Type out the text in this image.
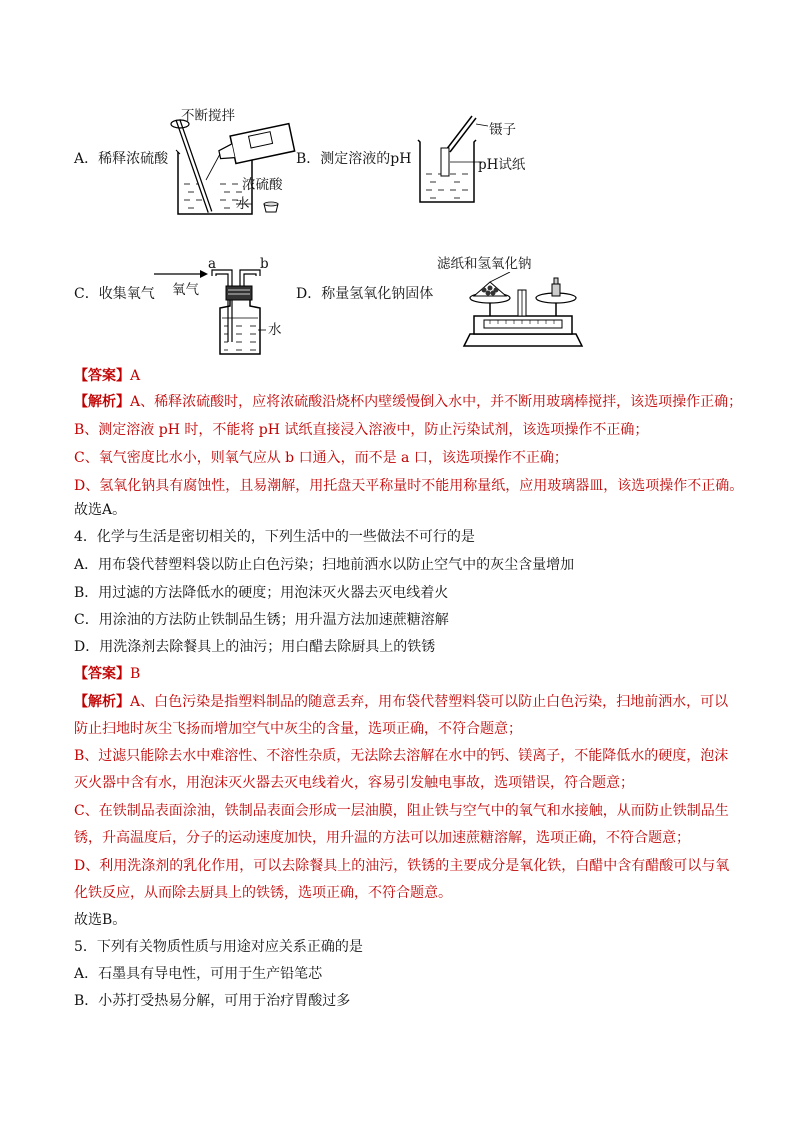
A．稀释浓硫酸
不断搅拌
浓硫酸
水
B．测定溶液的pH
镊子
pH试纸
C．收集氧气 氧气
a	b
水
D．称量氢氧化钠固体
滤纸和氢氧化钠
【答案】A
【解析】A、稀释浓硫酸时，应将浓硫酸沿烧杯内壁缓慢倒入水中，并不断用玻璃棒搅拌，该选项操作正确；
B、测定溶液 pH 时，不能将 pH 试纸直接浸入溶液中，防止污染试剂，该选项操作不正确；
C、氧气密度比水小，则氧气应从 b 口通入，而不是 a 口，该选项操作不正确；
D、氢氧化钠具有腐蚀性，且易潮解，用托盘天平称量时不能用称量纸，应用玻璃器皿，该选项操作不正确。
故选A。
4．化学与生活是密切相关的，下列生活中的一些做法不可行的是
A．用布袋代替塑料袋以防止白色污染；扫地前洒水以防止空气中的灰尘含量增加
B．用过滤的方法降低水的硬度；用泡沫灭火器去灭电线着火
C．用涂油的方法防止铁制品生锈；用升温方法加速蔗糖溶解
D．用洗涤剂去除餐具上的油污；用白醋去除厨具上的铁锈
【答案】B
【解析】A、白色污染是指塑料制品的随意丢弃，用布袋代替塑料袋可以防止白色污染，扫地前洒水，可以
防止扫地时灰尘飞扬而增加空气中灰尘的含量，选项正确，不符合题意；
B、过滤只能除去水中难溶性、不溶性杂质，无法除去溶解在水中的钙、镁离子，不能降低水的硬度，泡沫
灭火器中含有水，用泡沫灭火器去灭电线着火，容易引发触电事故，选项错误，符合题意；
C、在铁制品表面涂油，铁制品表面会形成一层油膜，阻止铁与空气中的氧气和水接触，从而防止铁制品生
锈，升高温度后，分子的运动速度加快，用升温的方法可以加速蔗糖溶解，选项正确，不符合题意；
D、利用洗涤剂的乳化作用，可以去除餐具上的油污，铁锈的主要成分是氧化铁，白醋中含有醋酸可以与氧
化铁反应，从而除去厨具上的铁锈，选项正确，不符合题意。
故选B。
5．下列有关物质性质与用途对应关系正确的是
A．石墨具有导电性，可用于生产铅笔芯
B．小苏打受热易分解，可用于治疗胃酸过多
